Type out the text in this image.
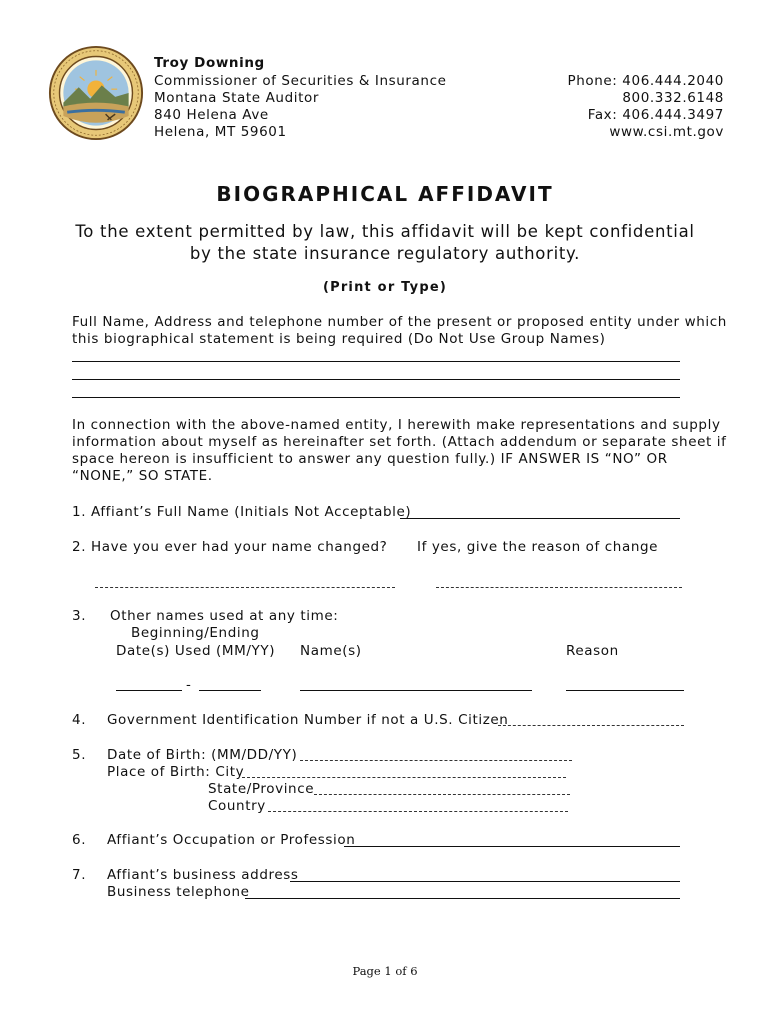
Troy Downing
Commissioner of Securities & Insurance
Montana State Auditor
840 Helena Ave
Helena, MT 59601
Phone: 406.444.2040
800.332.6148
Fax: 406.444.3497
www.csi.mt.gov
BIOGRAPHICAL AFFIDAVIT
To the extent permitted by law, this affidavit will be kept confidential
by the state insurance regulatory authority.
(Print or Type)
Full Name, Address and telephone number of the present or proposed entity under which
this biographical statement is being required (Do Not Use Group Names)
In connection with the above-named entity, I herewith make representations and supply
information about myself as hereinafter set forth. (Attach addendum or separate sheet if
space hereon is insufficient to answer any question fully.) IF ANSWER IS “NO” OR
“NONE,” SO STATE.
1. Affiant’s Full Name (Initials Not Acceptable)
2. Have you ever had your name changed? If yes, give the reason of change
3. Other names used at any time:
Beginning/Ending
Date(s) Used (MM/YY) Name(s)	Reason
-
4. Government Identification Number if not a U.S. Citizen
5. Date of Birth: (MM/DD/YY)
Place of Birth: City
State/Province
Country
6. Affiant’s Occupation or Profession
7. Affiant’s business address
Business telephone
Page 1 of 6
